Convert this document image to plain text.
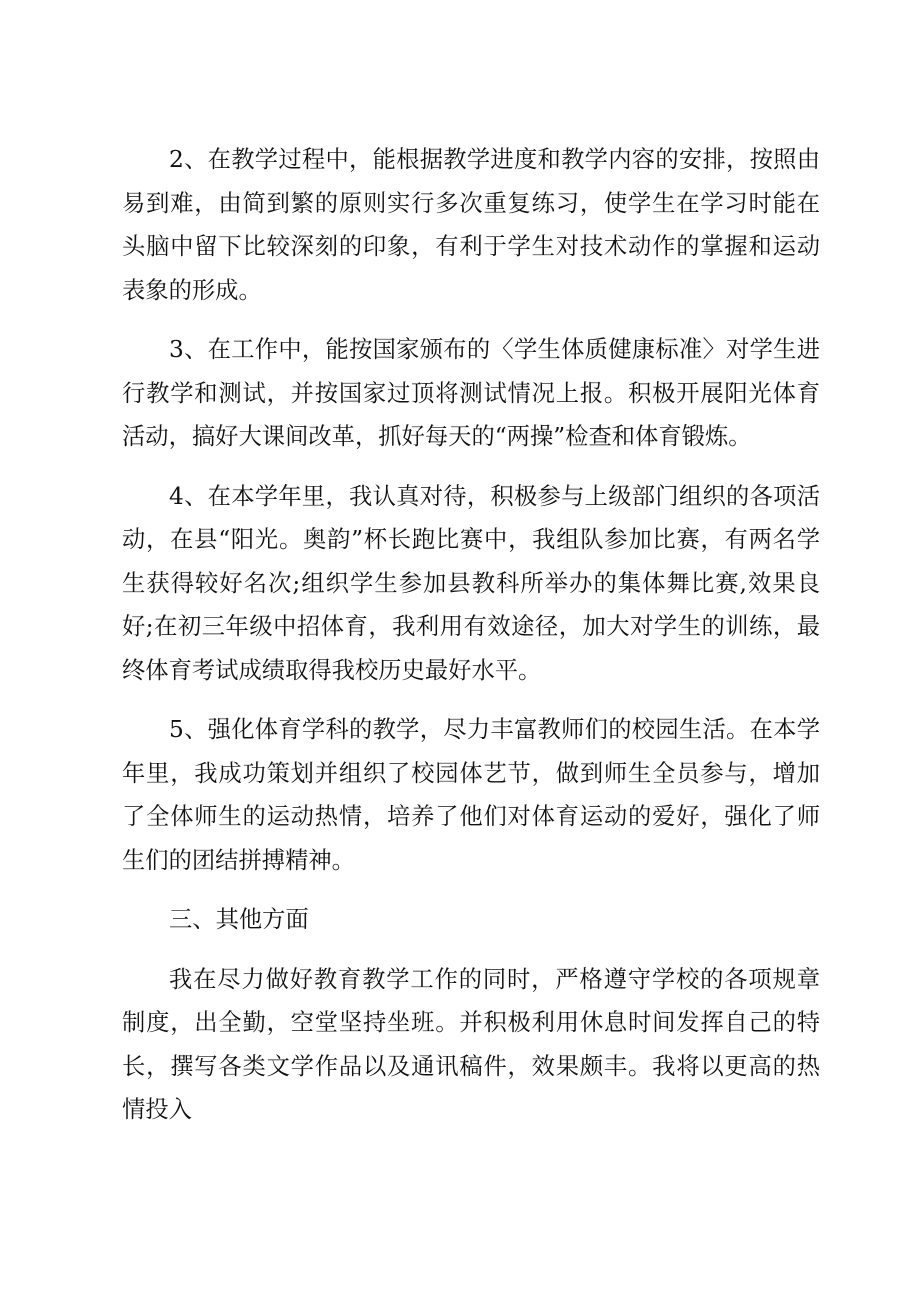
2、在教学过程中，能根据教学进度和教学内容的安排，按照由易到难，由简到繁的原则实行多次重复练习，使学生在学习时能在头脑中留下比较深刻的印象，有利于学生对技术动作的掌握和运动表象的形成。

3、在工作中，能按国家颁布的〈学生体质健康标准〉对学生进行教学和测试，并按国家过顶将测试情况上报。积极开展阳光体育活动，搞好大课间改革，抓好每天的“两操”检查和体育锻炼。

4、在本学年里，我认真对待，积极参与上级部门组织的各项活动，在县“阳光。奥韵”杯长跑比赛中，我组队参加比赛，有两名学生获得较好名次;组织学生参加县教科所举办的集体舞比赛,效果良好;在初三年级中招体育，我利用有效途径，加大对学生的训练，最终体育考试成绩取得我校历史最好水平。

5、强化体育学科的教学，尽力丰富教师们的校园生活。在本学年里，我成功策划并组织了校园体艺节，做到师生全员参与，增加了全体师生的运动热情，培养了他们对体育运动的爱好，强化了师生们的团结拼搏精神。

三、其他方面

我在尽力做好教育教学工作的同时，严格遵守学校的各项规章制度，出全勤，空堂坚持坐班。并积极利用休息时间发挥自己的特长，撰写各类文学作品以及通讯稿件，效果颇丰。我将以更高的热情投入
